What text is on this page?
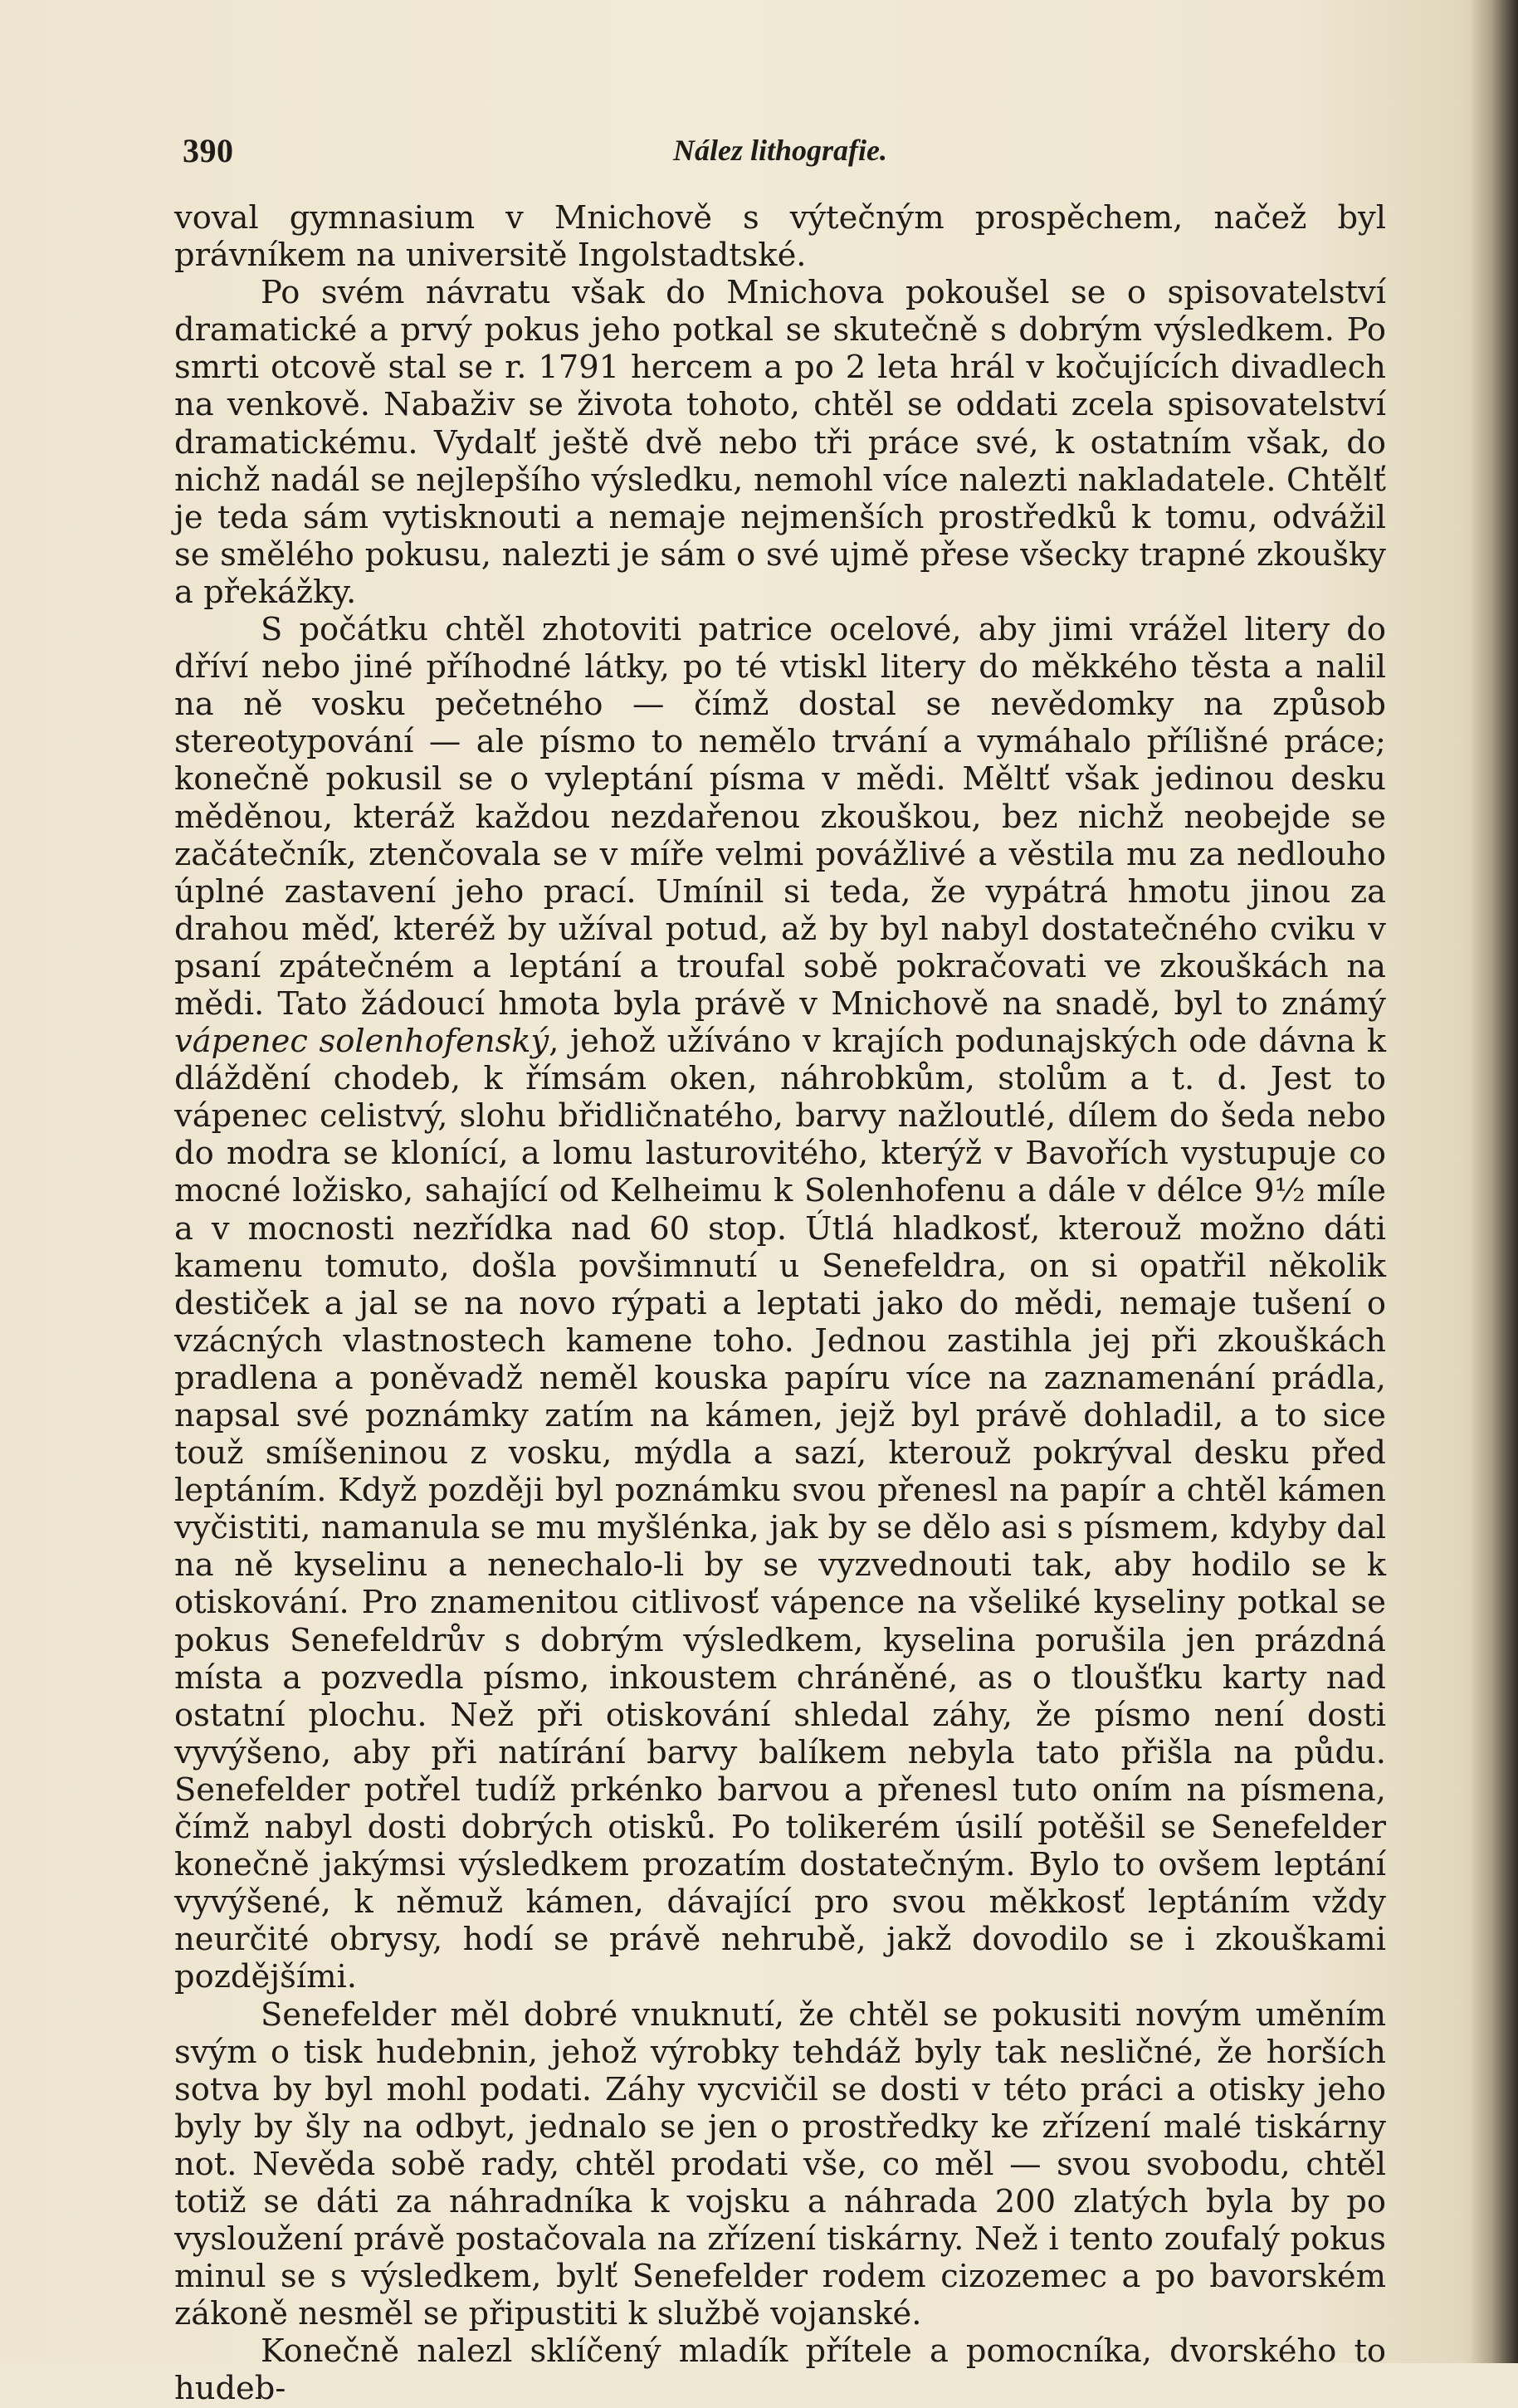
390	Nález lithografie.

voval gymnasium v Mnichově s výtečným prospěchem, načež byl právníkem na universitě Ingolstadtské.

Po svém návratu však do Mnichova pokoušel se o spisovatelství dramatické a prvý pokus jeho potkal se skutečně s dobrým výsledkem. Po smrti otcově stal se r. 1791 hercem a po 2 leta hrál v kočujících divadlech na venkově. Nabaživ se života tohoto, chtěl se oddati zcela spisovatelství dramatickému. Vydalť ještě dvě nebo tři práce své, k ostatním však, do nichž nadál se nejlepšího výsledku, nemohl více nalezti nakladatele. Chtělť je teda sám vytisknouti a nemaje nejmenších prostředků k tomu, odvážil se smělého pokusu, nalezti je sám o své ujmě přese všecky trapné zkoušky a překážky.

S počátku chtěl zhotoviti patrice ocelové, aby jimi vrážel litery do dříví nebo jiné příhodné látky, po té vtiskl litery do měkkého těsta a nalil na ně vosku pečetného — čímž dostal se nevědomky na způsob stereotypování — ale písmo to nemělo trvání a vymáhalo přílišné práce; konečně pokusil se o vyleptání písma v mědi. Měltť však jedinou desku měděnou, kteráž každou nezdařenou zkouškou, bez nichž neobejde se začátečník, ztenčovala se v míře velmi povážlivé a věstila mu za nedlouho úplné zastavení jeho prací. Umínil si teda, že vypátrá hmotu jinou za drahou měď, kteréž by užíval potud, až by byl nabyl dostatečného cviku v psaní zpátečném a leptání a troufal sobě pokračovati ve zkouškách na mědi. Tato žádoucí hmota byla právě v Mnichově na snadě, byl to známý vápenec solenhofenský, jehož užíváno v krajích podunajských ode dávna k dláždění chodeb, k římsám oken, náhrobkům, stolům a t. d. Jest to vápenec celistvý, slohu břidličnatého, barvy nažloutlé, dílem do šeda nebo do modra se klonící, a lomu lasturovitého, kterýž v Bavořích vystupuje co mocné ložisko, sahající od Kelheimu k Solenhofenu a dále v délce 9½ míle a v mocnosti nezřídka nad 60 stop. Útlá hladkosť, kterouž možno dáti kamenu tomuto, došla povšimnutí u Senefeldra, on si opatřil několik destiček a jal se na novo rýpati a leptati jako do mědi, nemaje tušení o vzácných vlastnostech kamene toho. Jednou zastihla jej při zkouškách pradlena a poněvadž neměl kouska papíru více na zaznamenání prádla, napsal své poznámky zatím na kámen, jejž byl právě dohladil, a to sice touž smíšeninou z vosku, mýdla a sazí, kterouž pokrýval desku před leptáním. Když později byl poznámku svou přenesl na papír a chtěl kámen vyčistiti, namanula se mu myšlénka, jak by se dělo asi s písmem, kdyby dal na ně kyselinu a nenechalo-li by se vyzvednouti tak, aby hodilo se k otiskování. Pro znamenitou citlivosť vápence na všeliké kyseliny potkal se pokus Senefeldrův s dobrým výsledkem, kyselina porušila jen prázdná místa a pozvedla písmo, inkoustem chráněné, as o tloušťku karty nad ostatní plochu. Než při otiskování shledal záhy, že písmo není dosti vyvýšeno, aby při natírání barvy balíkem nebyla tato přišla na půdu. Senefelder potřel tudíž prkénko barvou a přenesl tuto oním na písmena, čímž nabyl dosti dobrých otisků. Po tolikerém úsilí potěšil se Senefelder konečně jakýmsi výsledkem prozatím dostatečným. Bylo to ovšem leptání vyvýšené, k němuž kámen, dávající pro svou měkkosť leptáním vždy neurčité obrysy, hodí se právě nehrubě, jakž dovodilo se i zkouškami pozdějšími.

Senefelder měl dobré vnuknutí, že chtěl se pokusiti novým uměním svým o tisk hudebnin, jehož výrobky tehdáž byly tak nesličné, že horších sotva by byl mohl podati. Záhy vycvičil se dosti v této práci a otisky jeho byly by šly na odbyt, jednalo se jen o prostředky ke zřízení malé tiskárny not. Nevěda sobě rady, chtěl prodati vše, co měl — svou svobodu, chtěl totiž se dáti za náhradníka k vojsku a náhrada 200 zlatých byla by po vysloužení právě postačovala na zřízení tiskárny. Než i tento zoufalý pokus minul se s výsledkem, bylť Senefelder rodem cizozemec a po bavorském zákoně nesměl se připustiti k službě vojanské.

Konečně nalezl sklíčený mladík přítele a pomocníka, dvorského to hudeb-
